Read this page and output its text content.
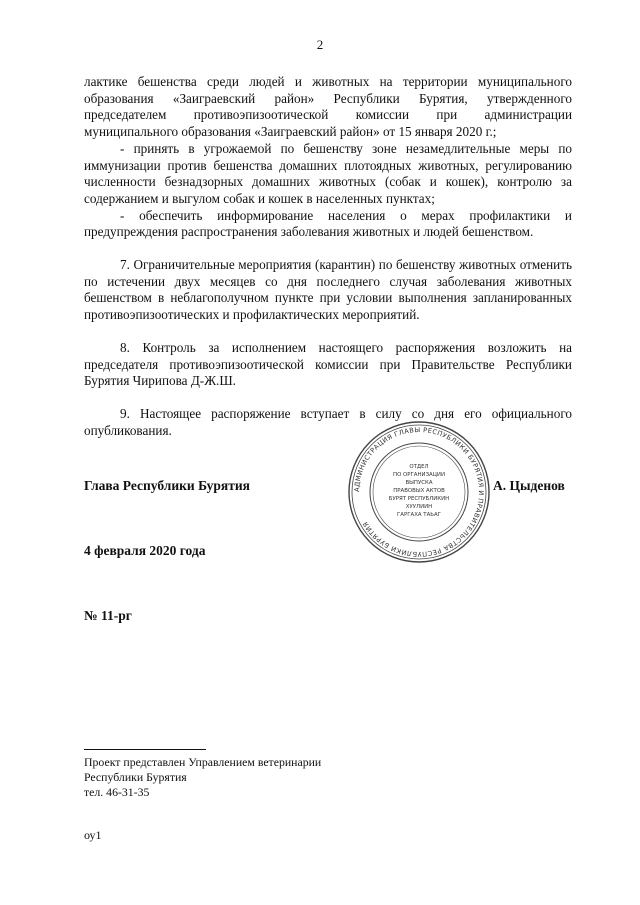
2

лактике бешенства среди людей и животных на территории муниципального образования «Заиграевский район» Республики Бурятия, утвержденного председателем противоэпизоотической комиссии при администрации муниципального образования «Заиграевский район» от 15 января 2020 г.;

- принять в угрожаемой по бешенству зоне незамедлительные меры по иммунизации против бешенства домашних плотоядных животных, регулированию численности безнадзорных домашних животных (собак и кошек), контролю за содержанием и выгулом собак и кошек в населенных пунктах;

- обеспечить информирование населения о мерах профилактики и предупреждения распространения заболевания животных и людей бешенством.

7. Ограничительные мероприятия (карантин) по бешенству животных отменить по истечении двух месяцев со дня последнего случая заболевания животных бешенством в неблагополучном пункте при условии выполнения запланированных противоэпизоотических и профилактических мероприятий.

8. Контроль за исполнением настоящего распоряжения возложить на председателя противоэпизоотической комиссии при Правительстве Республики Бурятия Чирипова Д-Ж.Ш.

9. Настоящее распоряжение вступает в силу со дня его официального опубликования.

Глава Республики Бурятия	А. Цыденов
АДМИНИСТРАЦИЯ ГЛАВЫ РЕСПУБЛИКИ БУРЯТИЯ И ПРАВИТЕЛЬСТВА РЕСПУБЛИКИ БУРЯТИЯ
ОТДЕЛ
ПО ОРГАНИЗАЦИИ
ВЫПУСКА
ПРАВОВЫХ АКТОВ
БУРЯТ РЕСПУБЛИКИН
ХУУЛИИН
ГАРГАХА ТАЬАГ
4 февраля 2020 года
№ 11-рг
Проект представлен Управлением ветеринарии
Республики Бурятия
тел. 46-31-35
оу1
